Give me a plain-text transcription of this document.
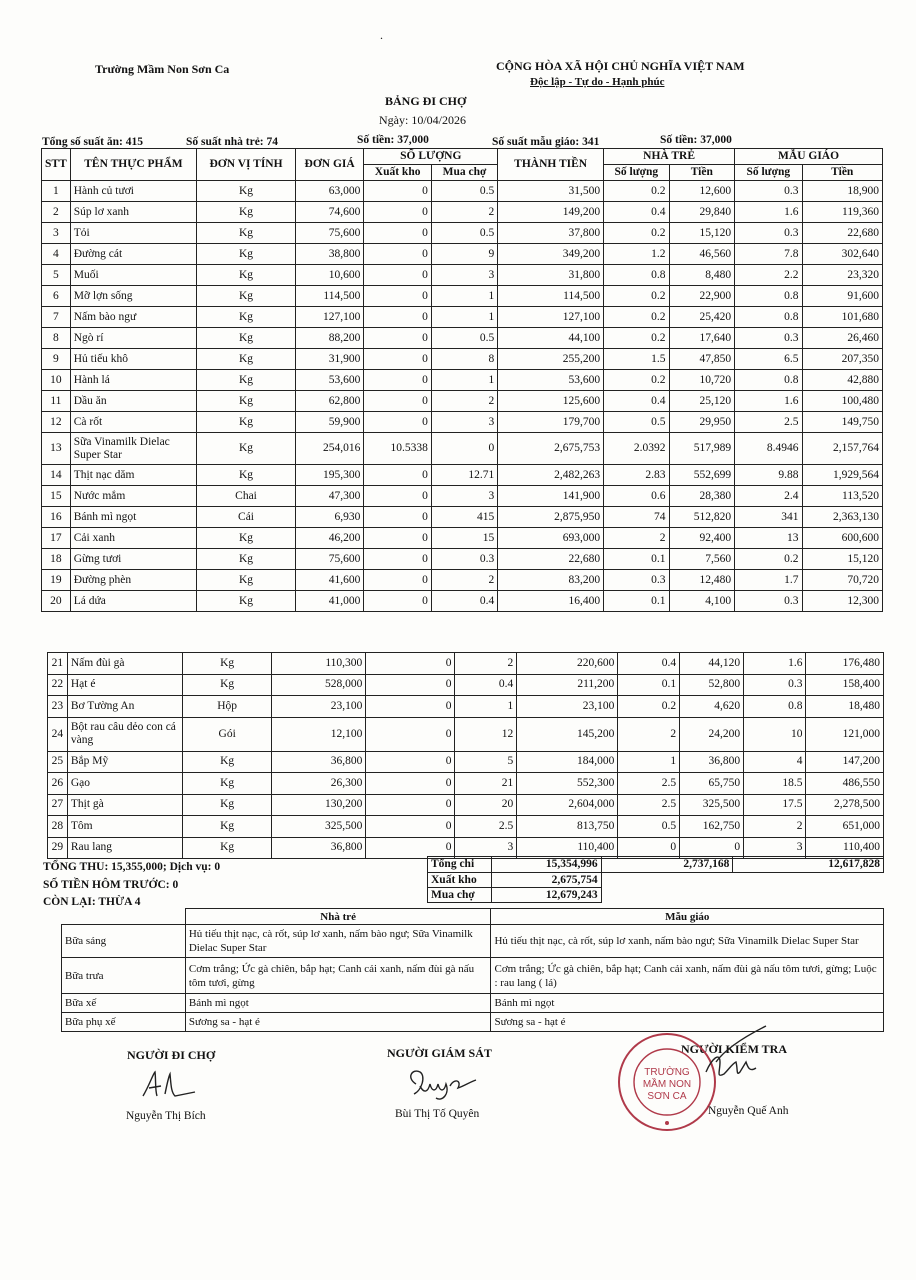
Trường Mầm Non Sơn Ca	CỘNG HÒA XÃ HỘI CHỦ NGHĨA VIỆT NAM
Độc lập - Tự do - Hạnh phúc
.
BẢNG ĐI CHỢ
Ngày: 10/04/2026
Tổng số suất ăn: 415	Số suất nhà trẻ: 74	Số tiền: 37,000	Số suất mẫu giáo: 341	Số tiền: 37,000
STT	TÊN THỰC PHẨM	ĐƠN VỊ TÍNH	ĐƠN GIÁ	SỐ LƯỢNG		THÀNH TIỀN	NHÀ TRẺ		MẪU GIÁO	
				Xuất kho	Mua chợ		Số lượng	Tiền	Số lượng	Tiền
1	Hành củ tươi	Kg	63,000	0	0.5	31,500	0.2	12,600	0.3	18,900
2	Súp lơ xanh	Kg	74,600	0	2	149,200	0.4	29,840	1.6	119,360
3	Tỏi	Kg	75,600	0	0.5	37,800	0.2	15,120	0.3	22,680
4	Đường cát	Kg	38,800	0	9	349,200	1.2	46,560	7.8	302,640
5	Muối	Kg	10,600	0	3	31,800	0.8	8,480	2.2	23,320
6	Mỡ lợn sống	Kg	114,500	0	1	114,500	0.2	22,900	0.8	91,600
7	Nấm bào ngư	Kg	127,100	0	1	127,100	0.2	25,420	0.8	101,680
8	Ngò rí	Kg	88,200	0	0.5	44,100	0.2	17,640	0.3	26,460
9	Hủ tiếu khô	Kg	31,900	0	8	255,200	1.5	47,850	6.5	207,350
10	Hành lá	Kg	53,600	0	1	53,600	0.2	10,720	0.8	42,880
11	Dầu ăn	Kg	62,800	0	2	125,600	0.4	25,120	1.6	100,480
12	Cà rốt	Kg	59,900	0	3	179,700	0.5	29,950	2.5	149,750
13	Sữa Vinamilk Dielac Super Star	Kg	254,016	10.5338	0	2,675,753	2.0392	517,989	8.4946	2,157,764
14	Thịt nạc dăm	Kg	195,300	0	12.71	2,482,263	2.83	552,699	9.88	1,929,564
15	Nước mắm	Chai	47,300	0	3	141,900	0.6	28,380	2.4	113,520
16	Bánh mì ngọt	Cái	6,930	0	415	2,875,950	74	512,820	341	2,363,130
17	Cải xanh	Kg	46,200	0	15	693,000	2	92,400	13	600,600
18	Gừng tươi	Kg	75,600	0	0.3	22,680	0.1	7,560	0.2	15,120
19	Đường phèn	Kg	41,600	0	2	83,200	0.3	12,480	1.7	70,720
20	Lá dứa	Kg	41,000	0	0.4	16,400	0.1	4,100	0.3	12,300
21	Nấm đùi gà	Kg	110,300	0	2	220,600	0.4	44,120	1.6	176,480
22	Hạt é	Kg	528,000	0	0.4	211,200	0.1	52,800	0.3	158,400
23	Bơ Tường An	Hộp	23,100	0	1	23,100	0.2	4,620	0.8	18,480
24	Bột rau câu dẻo con cá vàng	Gói	12,100	0	12	145,200	2	24,200	10	121,000
25	Bắp Mỹ	Kg	36,800	0	5	184,000	1	36,800	4	147,200
26	Gạo	Kg	26,300	0	21	552,300	2.5	65,750	18.5	486,550
27	Thịt gà	Kg	130,200	0	20	2,604,000	2.5	325,500	17.5	2,278,500
28	Tôm	Kg	325,500	0	2.5	813,750	0.5	162,750	2	651,000
29	Rau lang	Kg	36,800	0	3	110,400	0	0	3	110,400
TỔNG THU: 15,355,000; Dịch vụ: 0
SỐ TIỀN HÔM TRƯỚC: 0
CÒN LẠI: THỪA 4
Tổng chi	15,354,996		2,737,168		12,617,828
Xuất kho	2,675,754				
Mua chợ	12,679,243				
	Nhà trẻ	Mẫu giáo
Bữa sáng	Hủ tiếu thịt nạc, cà rốt, súp lơ xanh, nấm bào ngư; Sữa Vinamilk Dielac Super Star	Hủ tiếu thịt nạc, cà rốt, súp lơ xanh, nấm bào ngư; Sữa Vinamilk Dielac Super Star
Bữa trưa	Cơm trắng; Ức gà chiên, bắp hạt; Canh cải xanh, nấm đùi gà nấu tôm tươi, gừng	Cơm trắng; Ức gà chiên, bắp hạt; Canh cải xanh, nấm đùi gà nấu tôm tươi, gừng; Luộc : rau lang ( lá)
Bữa xế	Bánh mì ngọt	Bánh mì ngọt
Bữa phụ xế	Sương sa - hạt é	Sương sa - hạt é
NGƯỜI ĐI CHỢ
Nguyễn Thị Bích
NGƯỜI GIÁM SÁT
Bùi Thị Tố Quyên
NGƯỜI KIỂM TRA
TRƯỜNG
MẦM NON
SƠN CA
Nguyễn Quế Anh
